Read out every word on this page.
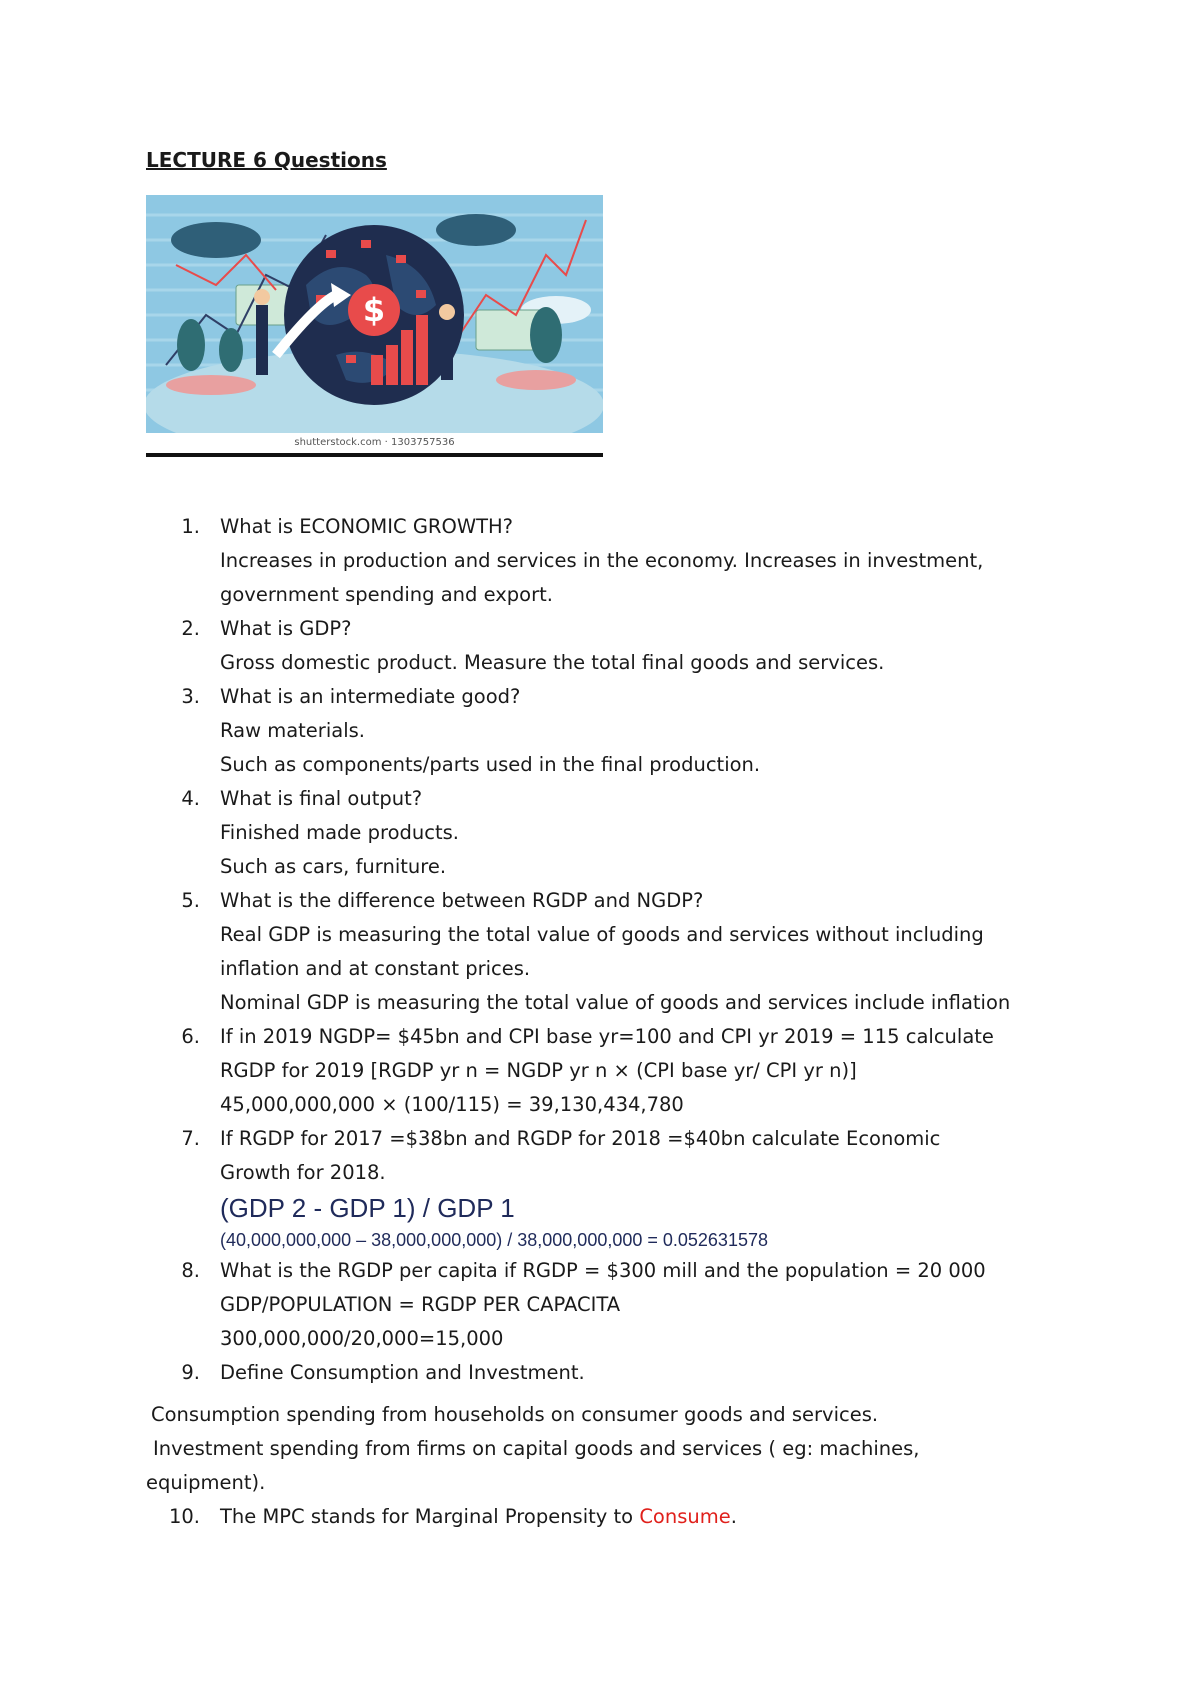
LECTURE 6 Questions
$
shutterstock.com · 1303757536
1. What is ECONOMIC GROWTH?
Increases in production and services in the economy. Increases in investment,
government spending and export.
2. What is GDP?
Gross domestic product. Measure the total final goods and services.
3. What is an intermediate good?
Raw materials.
Such as components/parts used in the final production.
4. What is final output?
Finished made products.
Such as cars, furniture.
5. What is the difference between RGDP and NGDP?
Real GDP is measuring the total value of goods and services without including
inflation and at constant prices.
Nominal GDP is measuring the total value of goods and services include inflation
6. If in 2019 NGDP= $45bn and CPI base yr=100 and CPI yr 2019 = 115 calculate
RGDP for 2019 [RGDP yr n = NGDP yr n × (CPI base yr/ CPI yr n)]
45,000,000,000 × (100/115) = 39,130,434,780
7. If RGDP for 2017 =$38bn and RGDP for 2018 =$40bn calculate Economic
Growth for 2018.
(GDP 2 - GDP 1) / GDP 1
(40,000,000,000 – 38,000,000,000) / 38,000,000,000 = 0.052631578
8. What is the RGDP per capita if RGDP = $300 mill and the population = 20 000
GDP/POPULATION = RGDP PER CAPACITA
300,000,000/20,000=15,000
9. Define Consumption and Investment.
Consumption spending from households on consumer goods and services.
Investment spending from firms on capital goods and services ( eg: machines,
equipment).
10. The MPC stands for Marginal Propensity to Consume.
